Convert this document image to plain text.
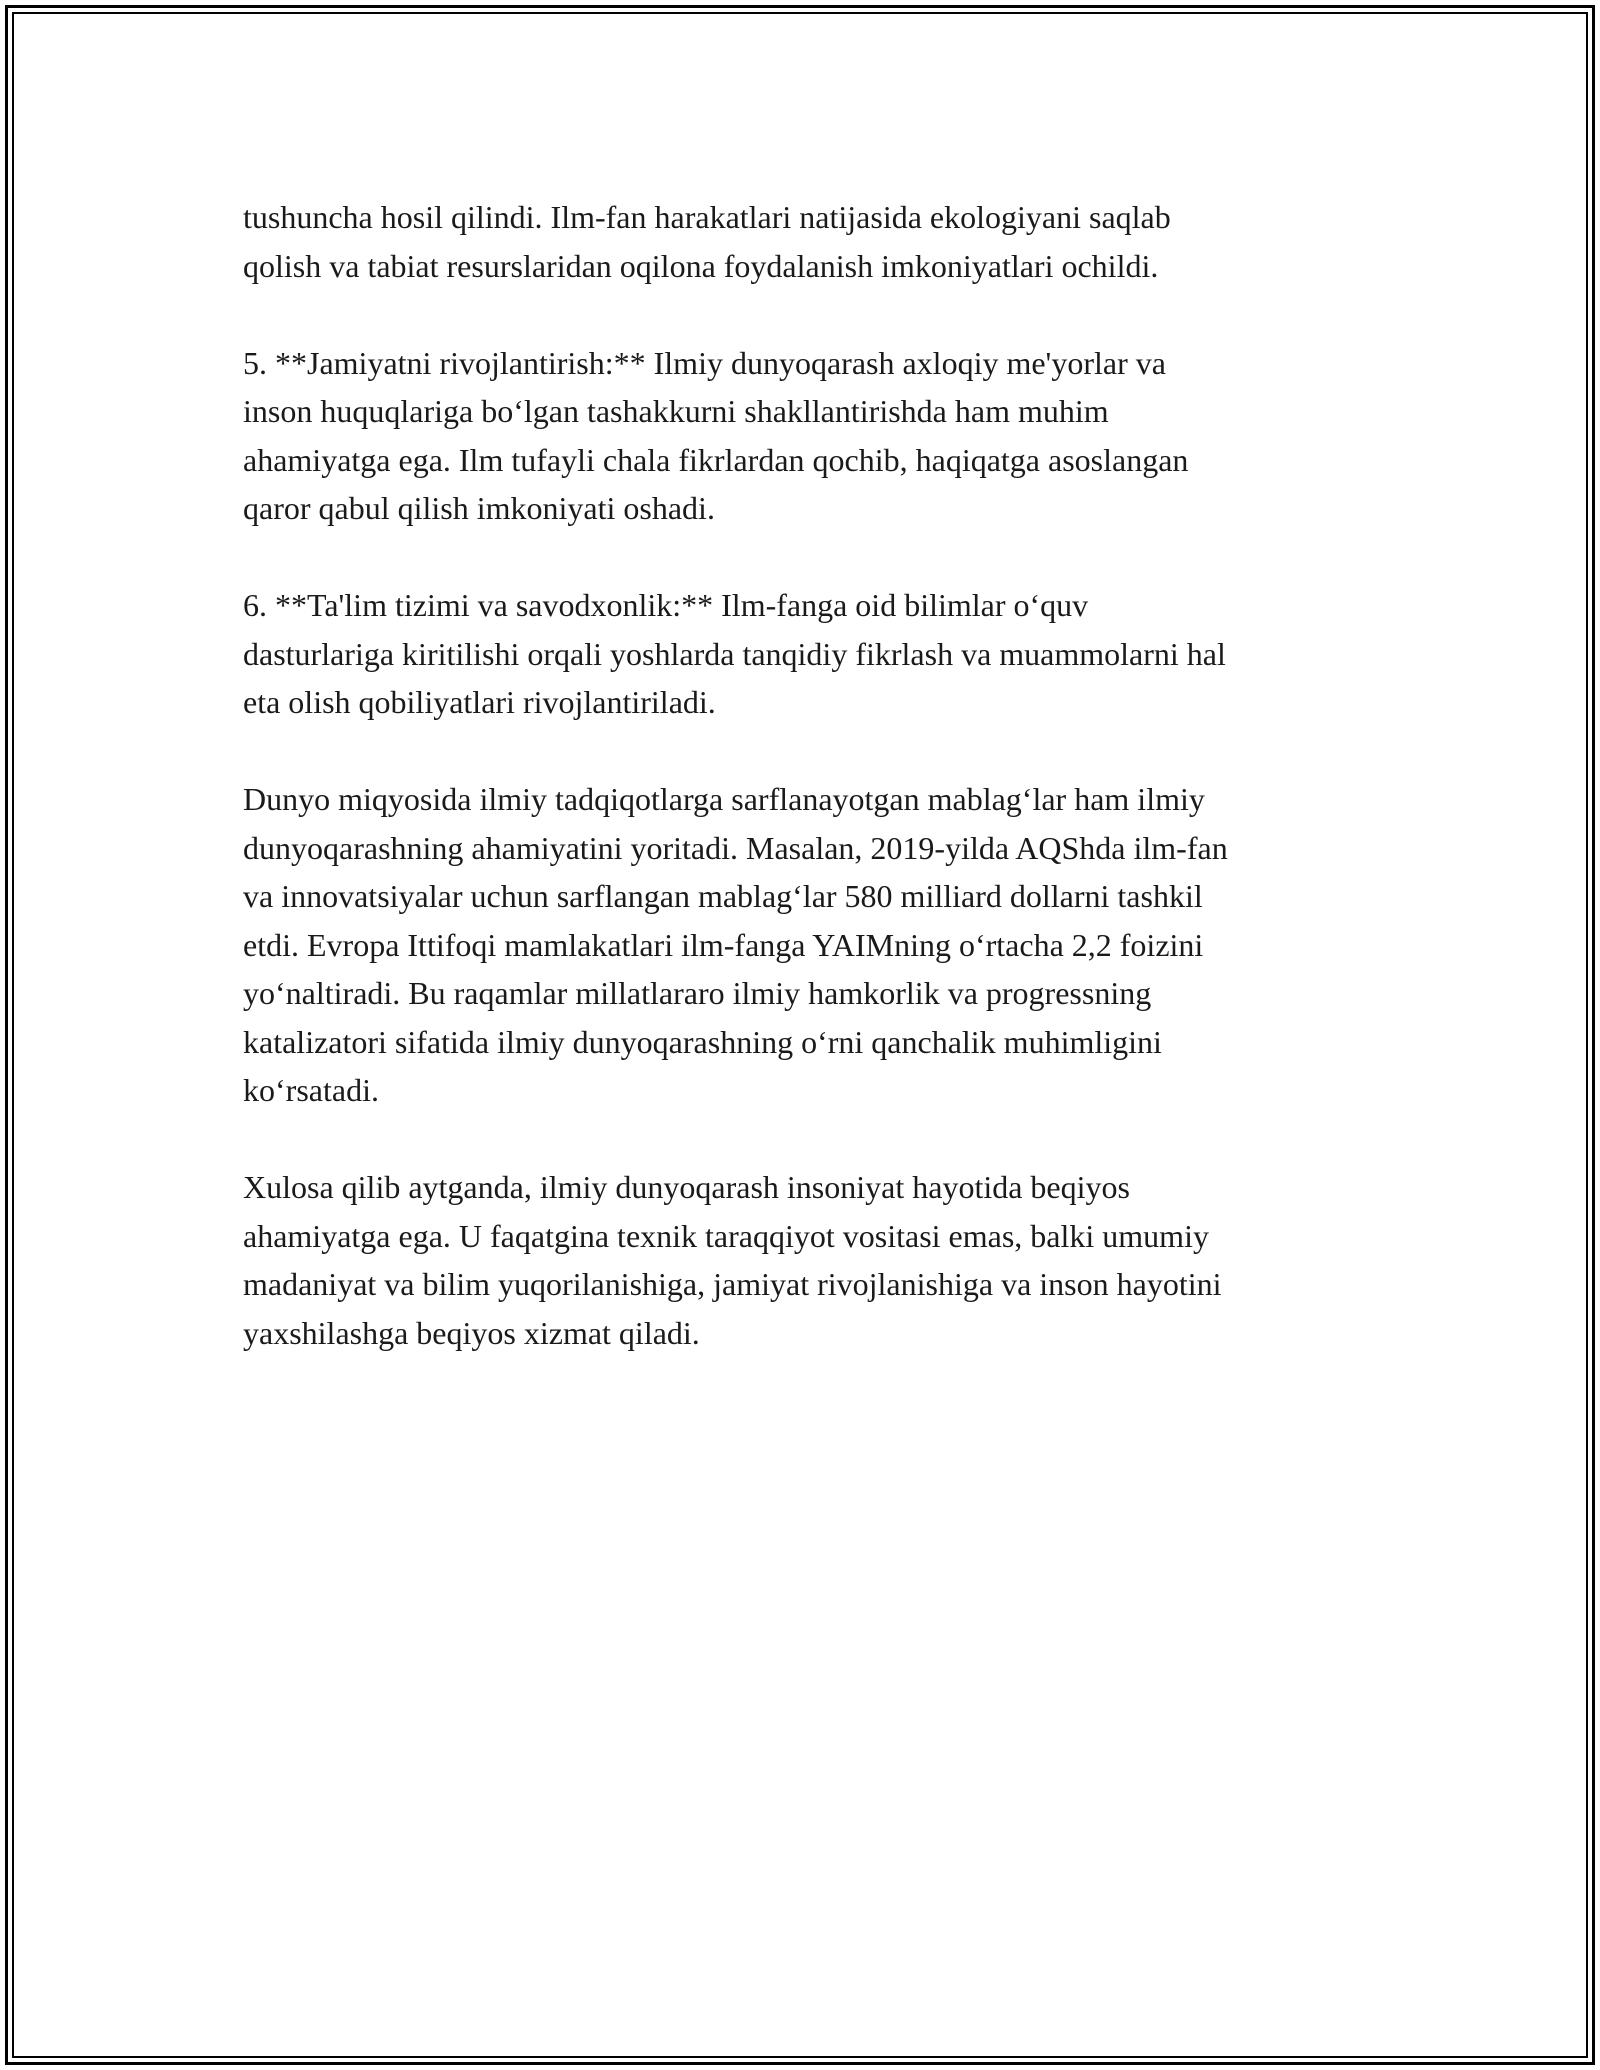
tushuncha hosil qilindi. Ilm-fan harakatlari natijasida ekologiyani saqlab
qolish va tabiat resurslaridan oqilona foydalanish imkoniyatlari ochildi.

5. **Jamiyatni rivojlantirish:** Ilmiy dunyoqarash axloqiy me'yorlar va
inson huquqlariga bo‘lgan tashakkurni shakllantirishda ham muhim
ahamiyatga ega. Ilm tufayli chala fikrlardan qochib, haqiqatga asoslangan
qaror qabul qilish imkoniyati oshadi.

6. **Ta'lim tizimi va savodxonlik:** Ilm-fanga oid bilimlar o‘quv
dasturlariga kiritilishi orqali yoshlarda tanqidiy fikrlash va muammolarni hal
eta olish qobiliyatlari rivojlantiriladi.

Dunyo miqyosida ilmiy tadqiqotlarga sarflanayotgan mablag‘lar ham ilmiy
dunyoqarashning ahamiyatini yoritadi. Masalan, 2019-yilda AQShda ilm-fan
va innovatsiyalar uchun sarflangan mablag‘lar 580 milliard dollarni tashkil
etdi. Evropa Ittifoqi mamlakatlari ilm-fanga YAIMning o‘rtacha 2,2 foizini
yo‘naltiradi. Bu raqamlar millatlararo ilmiy hamkorlik va progressning
katalizatori sifatida ilmiy dunyoqarashning o‘rni qanchalik muhimligini
ko‘rsatadi.

Xulosa qilib aytganda, ilmiy dunyoqarash insoniyat hayotida beqiyos
ahamiyatga ega. U faqatgina texnik taraqqiyot vositasi emas, balki umumiy
madaniyat va bilim yuqorilanishiga, jamiyat rivojlanishiga va inson hayotini
yaxshilashga beqiyos xizmat qiladi.
